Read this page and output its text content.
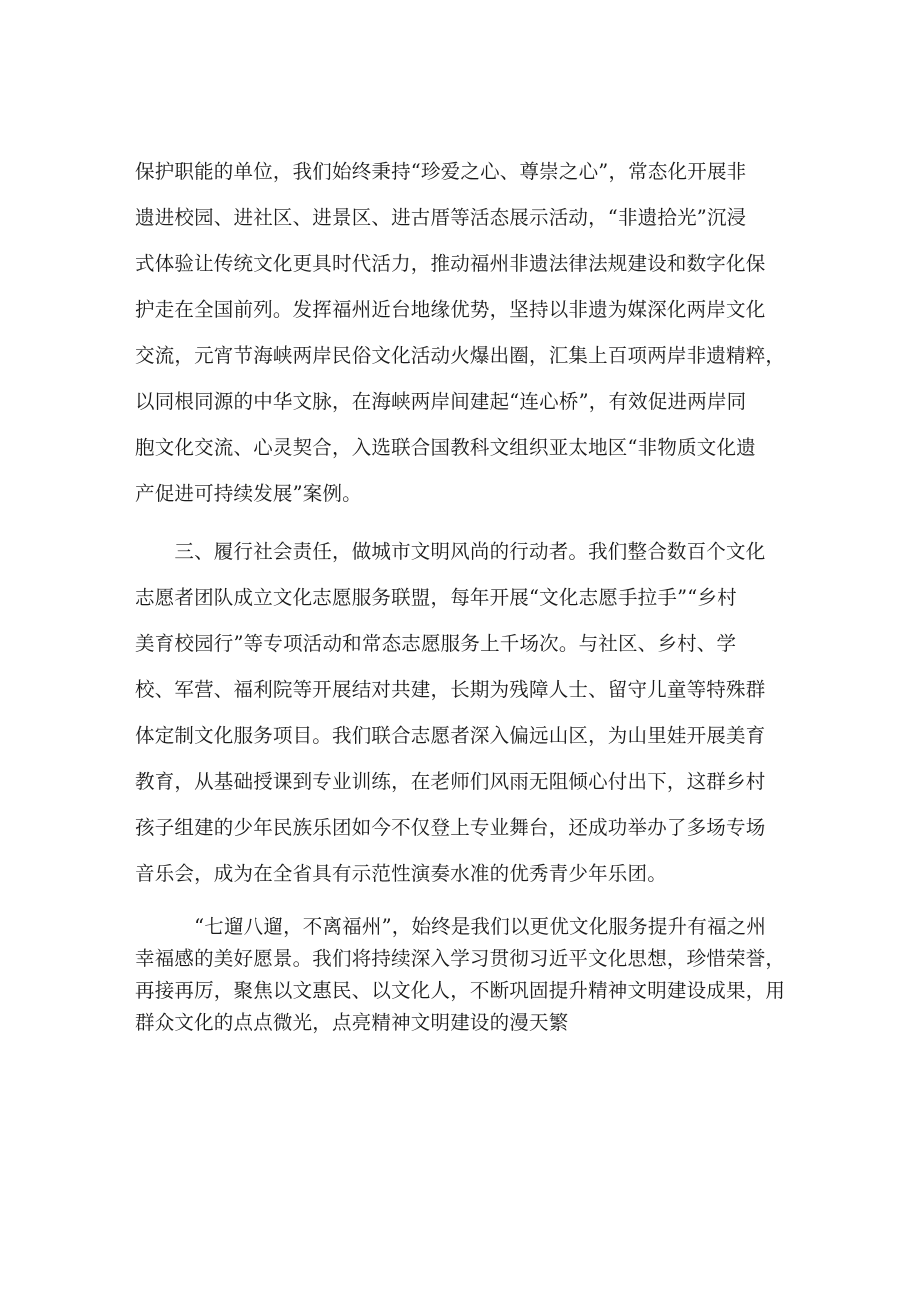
保护职能的单位，我们始终秉持“珍爱之心、尊崇之心”，常态化开展非
遗进校园、进社区、进景区、进古厝等活态展示活动，“非遗拾光”沉浸
式体验让传统文化更具时代活力，推动福州非遗法律法规建设和数字化保
护走在全国前列。发挥福州近台地缘优势，坚持以非遗为媒深化两岸文化
交流，元宵节海峡两岸民俗文化活动火爆出圈，汇集上百项两岸非遗精粹，
以同根同源的中华文脉，在海峡两岸间建起“连心桥”，有效促进两岸同
胞文化交流、心灵契合，入选联合国教科文组织亚太地区“非物质文化遗
产促进可持续发展”案例。
　　三、履行社会责任，做城市文明风尚的行动者。我们整合数百个文化
志愿者团队成立文化志愿服务联盟，每年开展“文化志愿手拉手”“乡村
美育校园行”等专项活动和常态志愿服务上千场次。与社区、乡村、学
校、军营、福利院等开展结对共建，长期为残障人士、留守儿童等特殊群
体定制文化服务项目。我们联合志愿者深入偏远山区，为山里娃开展美育
教育，从基础授课到专业训练，在老师们风雨无阻倾心付出下，这群乡村
孩子组建的少年民族乐团如今不仅登上专业舞台，还成功举办了多场专场
音乐会，成为在全省具有示范性演奏水准的优秀青少年乐团。
　　　“七遛八遛，不离福州”，始终是我们以更优文化服务提升有福之州
幸福感的美好愿景。我们将持续深入学习贯彻习近平文化思想，珍惜荣誉，
再接再厉，聚焦以文惠民、以文化人，不断巩固提升精神文明建设成果，用
群众文化的点点微光，点亮精神文明建设的漫天繁
